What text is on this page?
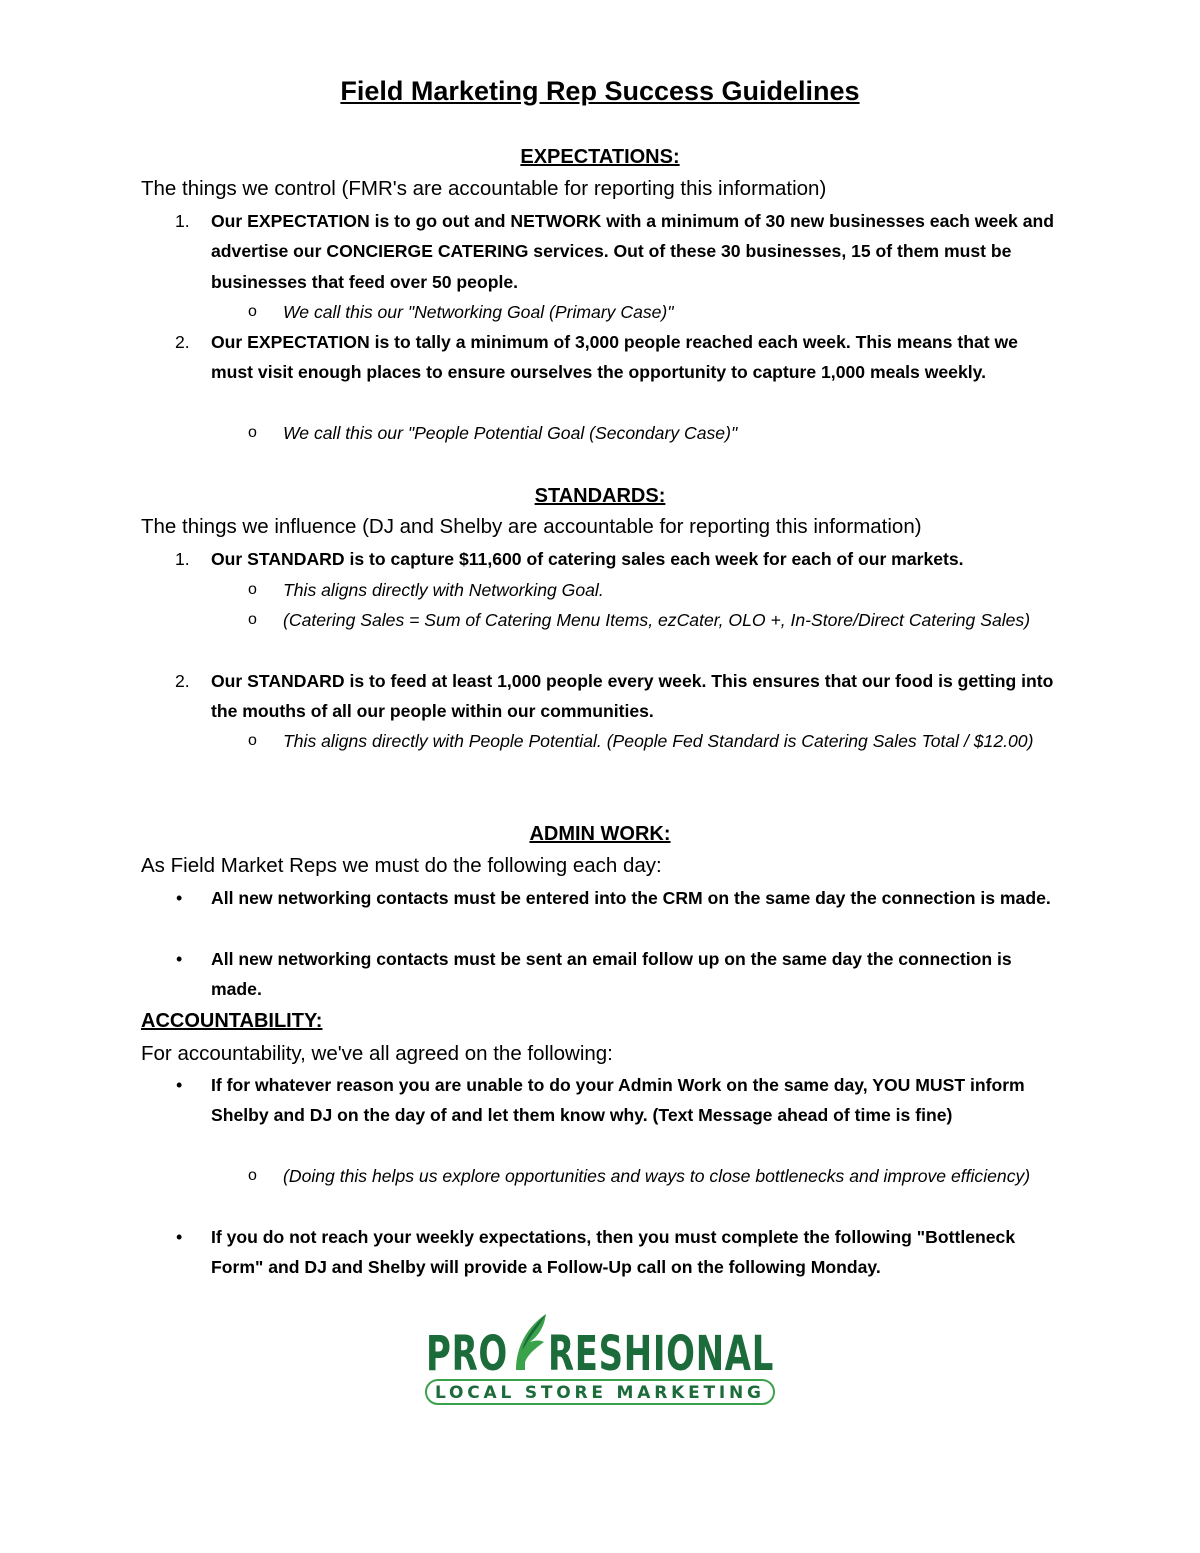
Field Marketing Rep Success Guidelines
EXPECTATIONS:
The things we control (FMR's are accountable for reporting this information)
1. Our EXPECTATION is to go out and NETWORK with a minimum of 30 new businesses each week and advertise our CONCIERGE CATERING services. Out of these 30 businesses, 15 of them must be businesses that feed over 50 people.
o We call this our "Networking Goal (Primary Case)"
2. Our EXPECTATION is to tally a minimum of 3,000 people reached each week. This means that we must visit enough places to ensure ourselves the opportunity to capture 1,000 meals weekly.
o We call this our "People Potential Goal (Secondary Case)"
STANDARDS:
The things we influence (DJ and Shelby are accountable for reporting this information)
1. Our STANDARD is to capture $11,600 of catering sales each week for each of our markets.
o This aligns directly with Networking Goal.
o (Catering Sales = Sum of Catering Menu Items, ezCater, OLO +, In-Store/Direct Catering Sales)
2. Our STANDARD is to feed at least 1,000 people every week. This ensures that our food is getting into the mouths of all our people within our communities.
o This aligns directly with People Potential. (People Fed Standard is Catering Sales Total / $12.00)
ADMIN WORK:
As Field Market Reps we must do the following each day:
• All new networking contacts must be entered into the CRM on the same day the connection is made.
• All new networking contacts must be sent an email follow up on the same day the connection is made.
ACCOUNTABILITY:
For accountability, we've all agreed on the following:
• If for whatever reason you are unable to do your Admin Work on the same day, YOU MUST inform Shelby and DJ on the day of and let them know why. (Text Message ahead of time is fine)
o (Doing this helps us explore opportunities and ways to close bottlenecks and improve efficiency)
• If you do not reach your weekly expectations, then you must complete the following "Bottleneck Form" and DJ and Shelby will provide a Follow-Up call on the following Monday.
PRO RESHIONAL
LOCAL STORE MARKETING
